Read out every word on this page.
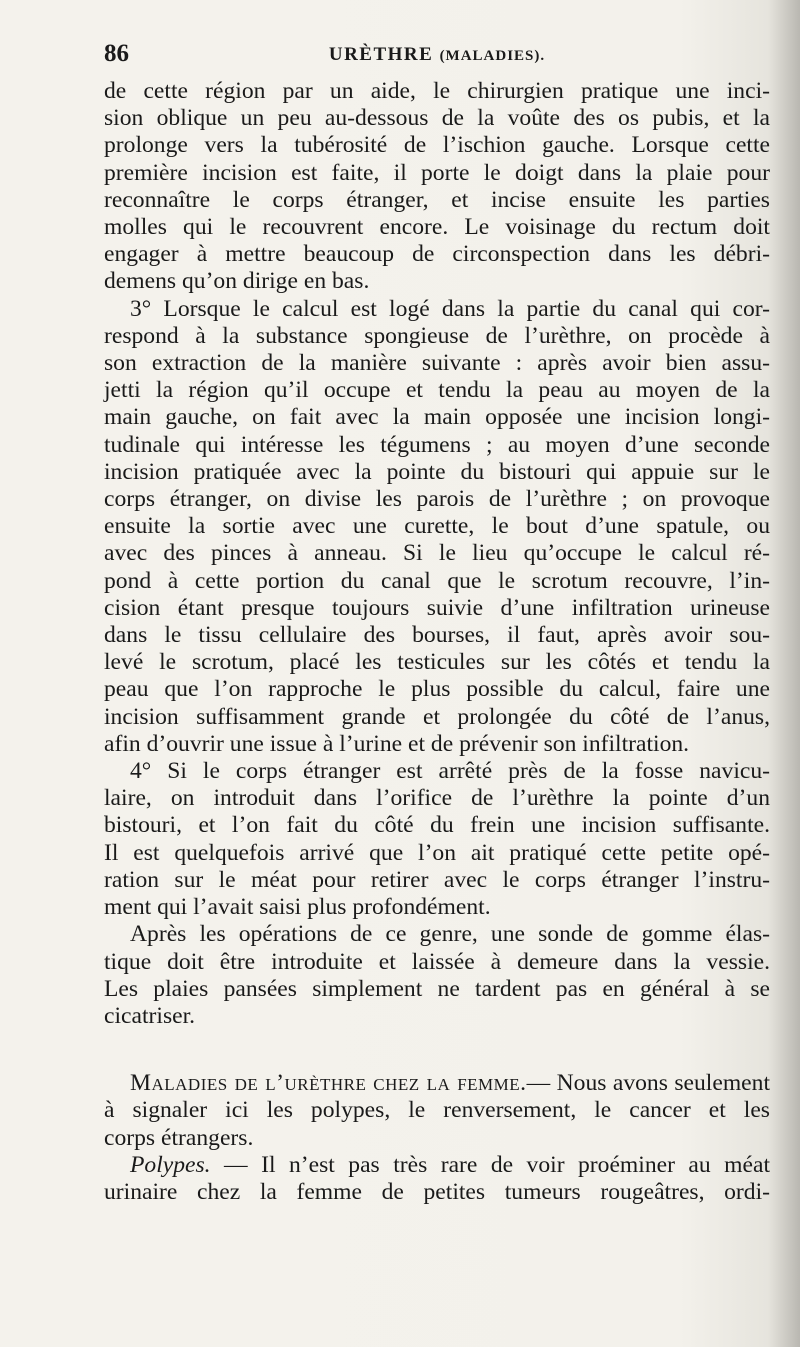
86	URÈTHRE (MALADIES).
de cette région par un aide, le chirurgien pratique une inci-
sion oblique un peu au-dessous de la voûte des os pubis, et la
prolonge vers la tubérosité de l’ischion gauche. Lorsque cette
première incision est faite, il porte le doigt dans la plaie pour
reconnaître le corps étranger, et incise ensuite les parties
molles qui le recouvrent encore. Le voisinage du rectum doit
engager à mettre beaucoup de circonspection dans les débri-
demens qu’on dirige en bas.
3° Lorsque le calcul est logé dans la partie du canal qui cor-
respond à la substance spongieuse de l’urèthre, on procède à
son extraction de la manière suivante : après avoir bien assu-
jetti la région qu’il occupe et tendu la peau au moyen de la
main gauche, on fait avec la main opposée une incision longi-
tudinale qui intéresse les tégumens ; au moyen d’une seconde
incision pratiquée avec la pointe du bistouri qui appuie sur le
corps étranger, on divise les parois de l’urèthre ; on provoque
ensuite la sortie avec une curette, le bout d’une spatule, ou
avec des pinces à anneau. Si le lieu qu’occupe le calcul ré-
pond à cette portion du canal que le scrotum recouvre, l’in-
cision étant presque toujours suivie d’une infiltration urineuse
dans le tissu cellulaire des bourses, il faut, après avoir sou-
levé le scrotum, placé les testicules sur les côtés et tendu la
peau que l’on rapproche le plus possible du calcul, faire une
incision suffisamment grande et prolongée du côté de l’anus,
afin d’ouvrir une issue à l’urine et de prévenir son infiltration.
4° Si le corps étranger est arrêté près de la fosse navicu-
laire, on introduit dans l’orifice de l’urèthre la pointe d’un
bistouri, et l’on fait du côté du frein une incision suffisante.
Il est quelquefois arrivé que l’on ait pratiqué cette petite opé-
ration sur le méat pour retirer avec le corps étranger l’instru-
ment qui l’avait saisi plus profondément.
Après les opérations de ce genre, une sonde de gomme élas-
tique doit être introduite et laissée à demeure dans la vessie.
Les plaies pansées simplement ne tardent pas en général à se
cicatriser.
Maladies de l’urèthre chez la femme.— Nous avons seulement
à signaler ici les polypes, le renversement, le cancer et les
corps étrangers.
Polypes. — Il n’est pas très rare de voir proéminer au méat
urinaire chez la femme de petites tumeurs rougeâtres, ordi-
